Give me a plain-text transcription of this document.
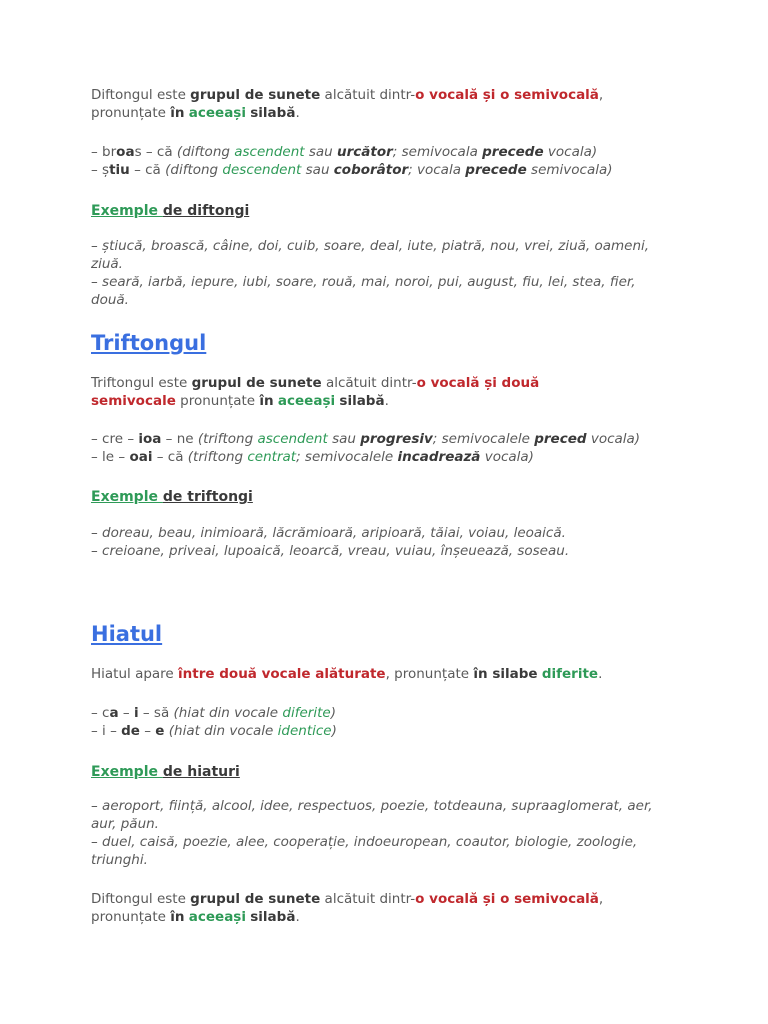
Diftongul este grupul de sunete alcătuit dintr-o vocală și o semivocală,
pronunțate în aceeași silabă.
– broas – că (diftong ascendent sau urcător; semivocala precede vocala)
– știu – că (diftong descendent sau coborâtor; vocala precede semivocala)
Exemple de diftongi
– știucă, broască, câine, doi, cuib, soare, deal, iute, piatră, nou, vrei, ziuă, oameni, ziuă.
– seară, iarbă, iepure, iubi, soare, rouă, mai, noroi, pui, august, fiu, lei, stea, fier, două.
Triftongul
Triftongul este grupul de sunete alcătuit dintr-o vocală și două
semivocale pronunțate în aceeași silabă.
– cre – ioa – ne (triftong ascendent sau progresiv; semivocalele preced vocala)
– le – oai – că (triftong centrat; semivocalele incadrează vocala)
Exemple de triftongi
– doreau, beau, inimioară, lăcrămioară, aripioară, tăiai, voiau, leoaică.
– creioane, priveai, lupoaică, leoarcă, vreau, vuiau, înșeuează, soseau.
Hiatul
Hiatul apare între două vocale alăturate, pronunțate în silabe diferite.
– ca – i – să (hiat din vocale diferite)
– i – de – e (hiat din vocale identice)
Exemple de hiaturi
– aeroport, ființă, alcool, idee, respectuos, poezie, totdeauna, supraaglomerat, aer, aur, păun.
– duel, caisă, poezie, alee, cooperație, indoeuropean, coautor, biologie, zoologie, triunghi.
Diftongul este grupul de sunete alcătuit dintr-o vocală și o semivocală,
pronunțate în aceeași silabă.
